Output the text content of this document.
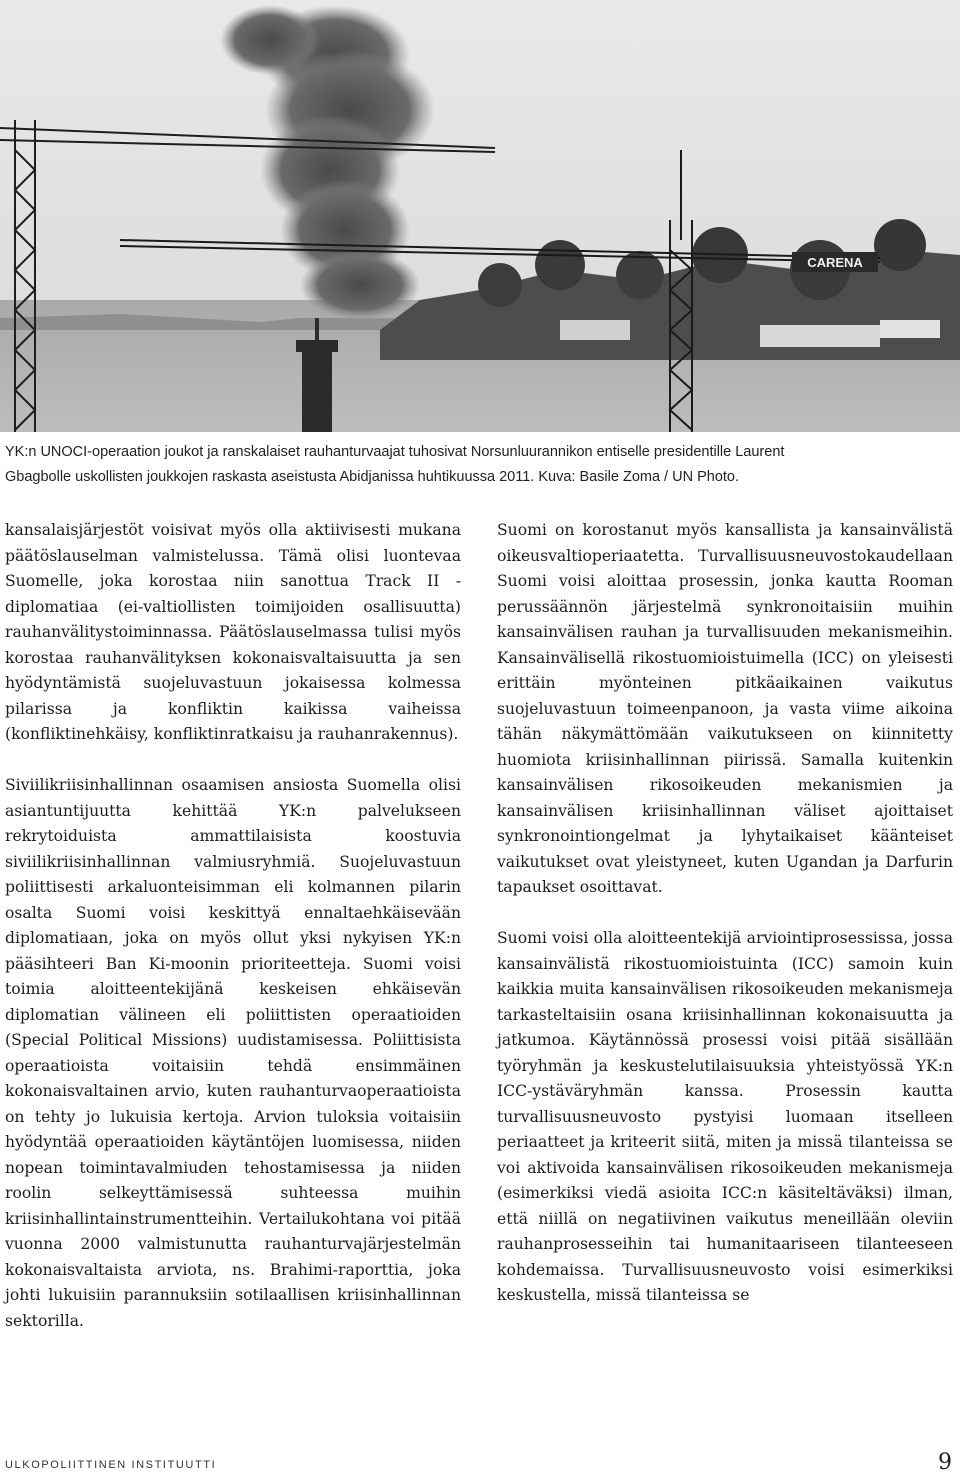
CARENA

YK:n UNOCI-operaation joukot ja ranskalaiset rauhanturvaajat tuhosivat Norsunluurannikon entiselle presidentille Laurent

Gbagbolle uskollisten joukkojen raskasta aseistusta Abidjanissa huhtikuussa 2011. Kuva: Basile Zoma / UN Photo.

kansalaisjärjestöt voisivat myös olla aktiivisesti mukana päätöslauselman valmistelussa. Tämä olisi luontevaa Suomelle, joka korostaa niin sanottua Track II -diplomatiaa (ei-valtiollisten toimijoiden osallisuutta) rauhanvälitystoiminnassa. Päätöslauselmassa tulisi myös korostaa rauhanvälityksen kokonaisvaltaisuutta ja sen hyödyntämistä suojeluvastuun jokaisessa kolmessa pilarissa ja konfliktin kaikissa vaiheissa (konfliktinehkäisy, konfliktinratkaisu ja rauhanrakennus).

Siviilikriisinhallinnan osaamisen ansiosta Suomella olisi asiantuntijuutta kehittää YK:n palvelukseen rekrytoiduista ammattilaisista koostuvia siviilikriisinhallinnan valmiusryhmiä. Suojeluvastuun poliittisesti arkaluonteisimman eli kolmannen pilarin osalta Suomi voisi keskittyä ennaltaehkäisevään diplomatiaan, joka on myös ollut yksi nykyisen YK:n pääsihteeri Ban Ki-moonin prioriteetteja. Suomi voisi toimia aloitteentekijänä keskeisen ehkäisevän diplomatian välineen eli poliittisten operaatioiden (Special Political Missions) uudistamisessa. Poliittisista operaatioista voitaisiin tehdä ensimmäinen kokonaisvaltainen arvio, kuten rauhanturvaoperaatioista on tehty jo lukuisia kertoja. Arvion tuloksia voitaisiin hyödyntää operaatioiden käytäntöjen luomisessa, niiden nopean toimintavalmiuden tehostamisessa ja niiden roolin selkeyttämisessä suhteessa muihin kriisinhallintainstrumentteihin. Vertailukohtana voi pitää vuonna 2000 valmistunutta rauhanturvajärjestelmän kokonaisvaltaista arviota, ns. Brahimi-raporttia, joka johti lukuisiin parannuksiin sotilaallisen kriisinhallinnan sektorilla.

Suomi on korostanut myös kansallista ja kansainvälistä oikeusvaltioperiaatetta. Turvallisuusneuvostokaudellaan Suomi voisi aloittaa prosessin, jonka kautta Rooman perussäännön järjestelmä synkronoitaisiin muihin kansainvälisen rauhan ja turvallisuuden mekanismeihin. Kansainvälisellä rikostuomioistuimella (ICC) on yleisesti erittäin myönteinen pitkäaikainen vaikutus suojeluvastuun toimeenpanoon, ja vasta viime aikoina tähän näkymättömään vaikutukseen on kiinnitetty huomiota kriisinhallinnan piirissä. Samalla kuitenkin kansainvälisen rikosoikeuden mekanismien ja kansainvälisen kriisinhallinnan väliset ajoittaiset synkronointiongelmat ja lyhytaikaiset käänteiset vaikutukset ovat yleistyneet, kuten Ugandan ja Darfurin tapaukset osoittavat.

Suomi voisi olla aloitteentekijä arviointiprosessissa, jossa kansainvälistä rikostuomioistuinta (ICC) samoin kuin kaikkia muita kansainvälisen rikosoikeuden mekanismeja tarkasteltaisiin osana kriisinhallinnan kokonaisuutta ja jatkumoa. Käytännössä prosessi voisi pitää sisällään työryhmän ja keskustelutilaisuuksia yhteistyössä YK:n ICC-ystäväryhmän kanssa. Prosessin kautta turvallisuusneuvosto pystyisi luomaan itselleen periaatteet ja kriteerit siitä, miten ja missä tilanteissa se voi aktivoida kansainvälisen rikosoikeuden mekanismeja (esimerkiksi viedä asioita ICC:n käsiteltäväksi) ilman, että niillä on negatiivinen vaikutus meneillään oleviin rauhanprosesseihin tai humanitaariseen tilanteeseen kohdemaissa. Turvallisuusneuvosto voisi esimerkiksi keskustella, missä tilanteissa se

ULKOPOLIITTINEN INSTITUUTTI	9
